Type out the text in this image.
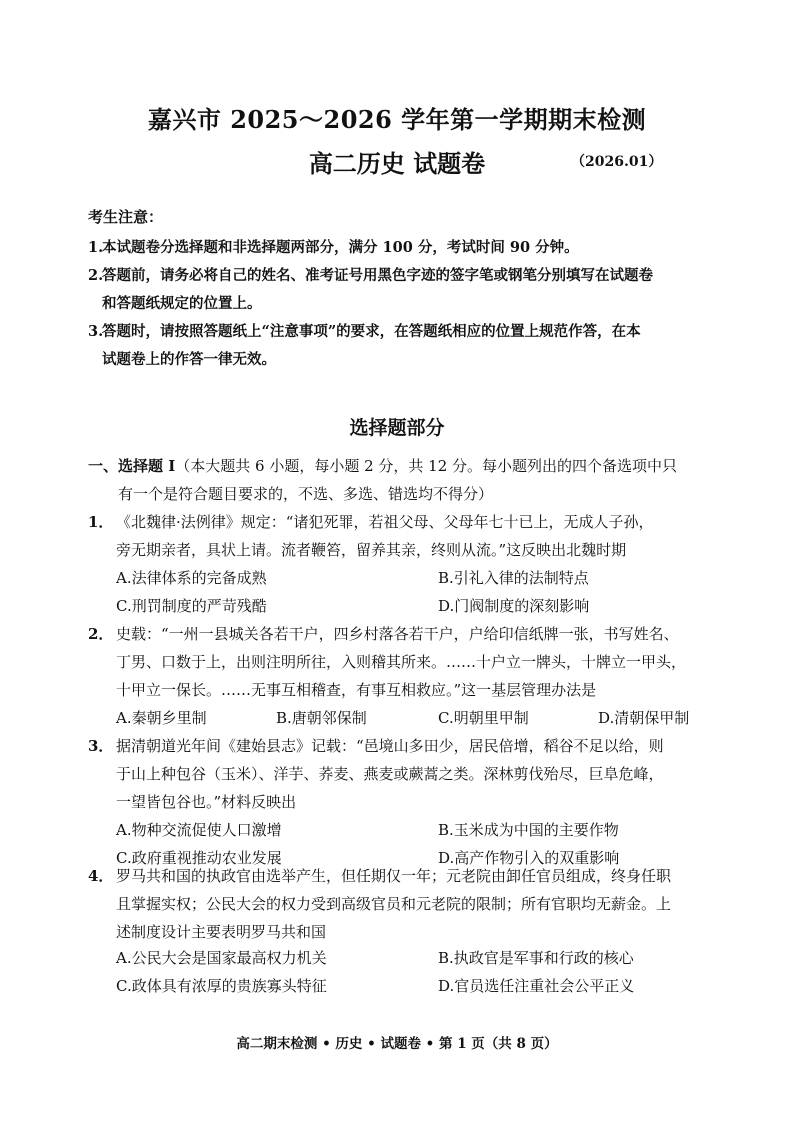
嘉兴市 2025～2026 学年第一学期期末检测
高二历史 试题卷	（2026.01）
考生注意：
1.本试题卷分选择题和非选择题两部分，满分 100 分，考试时间 90 分钟。
2.答题前，请务必将自己的姓名、准考证号用黑色字迹的签字笔或钢笔分别填写在试题卷
和答题纸规定的位置上。
3.答题时，请按照答题纸上“注意事项”的要求，在答题纸相应的位置上规范作答，在本
试题卷上的作答一律无效。
选择题部分
一、选择题 I（本大题共 6 小题，每小题 2 分，共 12 分。每小题列出的四个备选项中只
有一个是符合题目要求的，不选、多选、错选均不得分）
1． 《北魏律·法例律》规定：“诸犯死罪，若祖父母、父母年七十已上，无成人子孙，
旁无期亲者，具状上请。流者鞭笞，留养其亲，终则从流。”这反映出北魏时期
A.法律体系的完备成熟	B.引礼入律的法制特点
C.刑罚制度的严苛残酷	D.门阀制度的深刻影响
2． 史载：“一州一县城关各若干户，四乡村落各若干户，户给印信纸牌一张，书写姓名、
丁男、口数于上，出则注明所往，入则稽其所来。……十户立一牌头，十牌立一甲头，
十甲立一保长。……无事互相稽查，有事互相救应。”这一基层管理办法是
A.秦朝乡里制	B.唐朝邻保制	C.明朝里甲制	D.清朝保甲制
3． 据清朝道光年间《建始县志》记载：“邑境山多田少，居民倍增，稻谷不足以给，则
于山上种包谷（玉米）、洋芋、荞麦、燕麦或蕨蒿之类。深林剪伐殆尽，巨阜危峰，
一望皆包谷也。”材料反映出
A.物种交流促使人口激增	B.玉米成为中国的主要作物
C.政府重视推动农业发展	D.高产作物引入的双重影响
4． 罗马共和国的执政官由选举产生，但任期仅一年；元老院由卸任官员组成，终身任职
且掌握实权；公民大会的权力受到高级官员和元老院的限制；所有官职均无薪金。上
述制度设计主要表明罗马共和国
A.公民大会是国家最高权力机关	B.执政官是军事和行政的核心
C.政体具有浓厚的贵族寡头特征	D.官员选任注重社会公平正义
高二期末检测 • 历史 • 试题卷 • 第 1 页（共 8 页）
